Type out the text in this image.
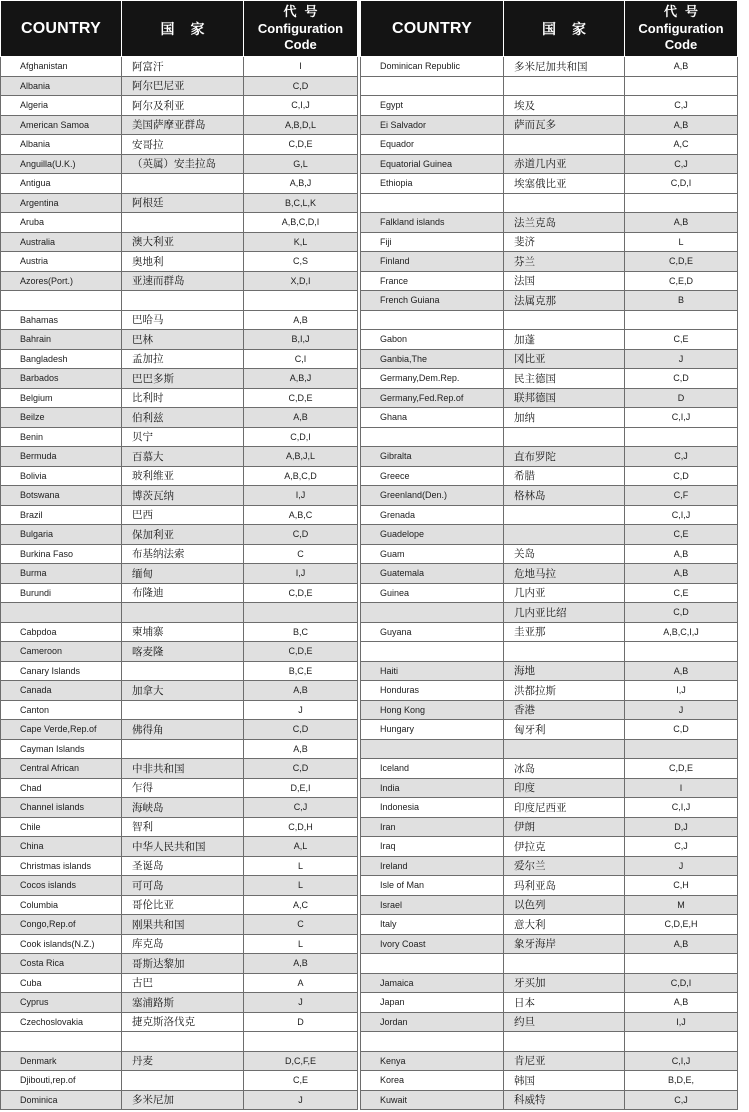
COUNTRY	国家	代号
Configuration
Code
Afghanistan	阿富汗	I
Albania	阿尔巴尼亚	C,D
Algeria	阿尔及利亚	C,I,J
American Samoa	美国萨摩亚群岛	A,B,D,L
Albania	安哥拉	C,D,E
Anguilla(U.K.)	（英属）安圭拉岛	G,L
Antigua		A,B,J
Argentina	阿根廷	B,C,L,K
Aruba		A,B,C,D,I
Australia	澳大利亚	K,L
Austria	奥地利	C,S
Azores(Port.)	亚速而群岛	X,D,I

Bahamas	巴哈马	A,B
Bahrain	巴林	B,I,J
Bangladesh	孟加拉	C,I
Barbados	巴巴多斯	A,B,J
Belgium	比利时	C,D,E
Beilze	伯利兹	A,B
Benin	贝宁	C,D,I
Bermuda	百慕大	A,B,J,L
Bolivia	玻利维亚	A,B,C,D
Botswana	博茨瓦纳	I,J
Brazil	巴西	A,B,C
Bulgaria	保加利亚	C,D
Burkina Faso	布基纳法索	C
Burma	缅甸	I,J
Burundi	布隆迪	C,D,E

Cabpdoa	柬埔寨	B,C
Cameroon	喀麦隆	C,D,E
Canary Islands		B,C,E
Canada	加拿大	A,B
Canton		J
Cape Verde,Rep.of	佛得角	C,D
Cayman Islands		A,B
Central African	中非共和国	C,D
Chad	乍得	D,E,I
Channel islands	海峡岛	C,J
Chile	智利	C,D,H
China	中华人民共和国	A,L
Christmas islands	圣诞岛	L
Cocos islands	可可岛	L
Columbia	哥伦比亚	A,C
Congo,Rep.of	刚果共和国	C
Cook islands(N.Z.)	库克岛	L
Costa Rica	哥斯达黎加	A,B
Cuba	古巴	A
Cyprus	塞浦路斯	J
Czechoslovakia	捷克斯洛伐克	D

Denmark	丹麦	D,C,F,E
Djibouti,rep.of		C,E
Dominica	多米尼加	J
COUNTRY	国家	代号
Configuration
Code
Dominican Republic	多米尼加共和国	A,B

Egypt	埃及	C,J
Ei Salvador	萨而瓦多	A,B
Equador		A,C
Equatorial Guinea	赤道几内亚	C,J
Ethiopia	埃塞俄比亚	C,D,I

Falkland islands	法兰克岛	A,B
Fiji	斐济	L
Finland	芬兰	C,D,E
France	法国	C,E,D
French Guiana	法属克那	B

Gabon	加蓬	C,E
Ganbia,The	冈比亚	J
Germany,Dem.Rep.	民主德国	C,D
Germany,Fed.Rep.of	联邦德国	D
Ghana	加纳	C,I,J

Gibralta	直布罗陀	C,J
Greece	希腊	C,D
Greenland(Den.)	格林岛	C,F
Grenada		C,I,J
Guadelope		C,E
Guam	关岛	A,B
Guatemala	危地马拉	A,B
Guinea	几内亚	C,E
	几内亚比绍	C,D
Guyana	圭亚那	A,B,C,I,J

Haiti	海地	A,B
Honduras	洪都拉斯	I,J
Hong Kong	香港	J
Hungary	匈牙利	C,D

Iceland	冰岛	C,D,E
India	印度	I
Indonesia	印度尼西亚	C,I,J
Iran	伊朗	D,J
Iraq	伊拉克	C,J
Ireland	爱尔兰	J
Isle of Man	玛利亚岛	C,H
Israel	以色列	M
Italy	意大利	C,D,E,H
Ivory Coast	象牙海岸	A,B

Jamaica	牙买加	C,D,I
Japan	日本	A,B
Jordan	约旦	I,J

Kenya	肯尼亚	C,I,J
Korea	韩国	B,D,E,
Kuwait	科威特	C,J
